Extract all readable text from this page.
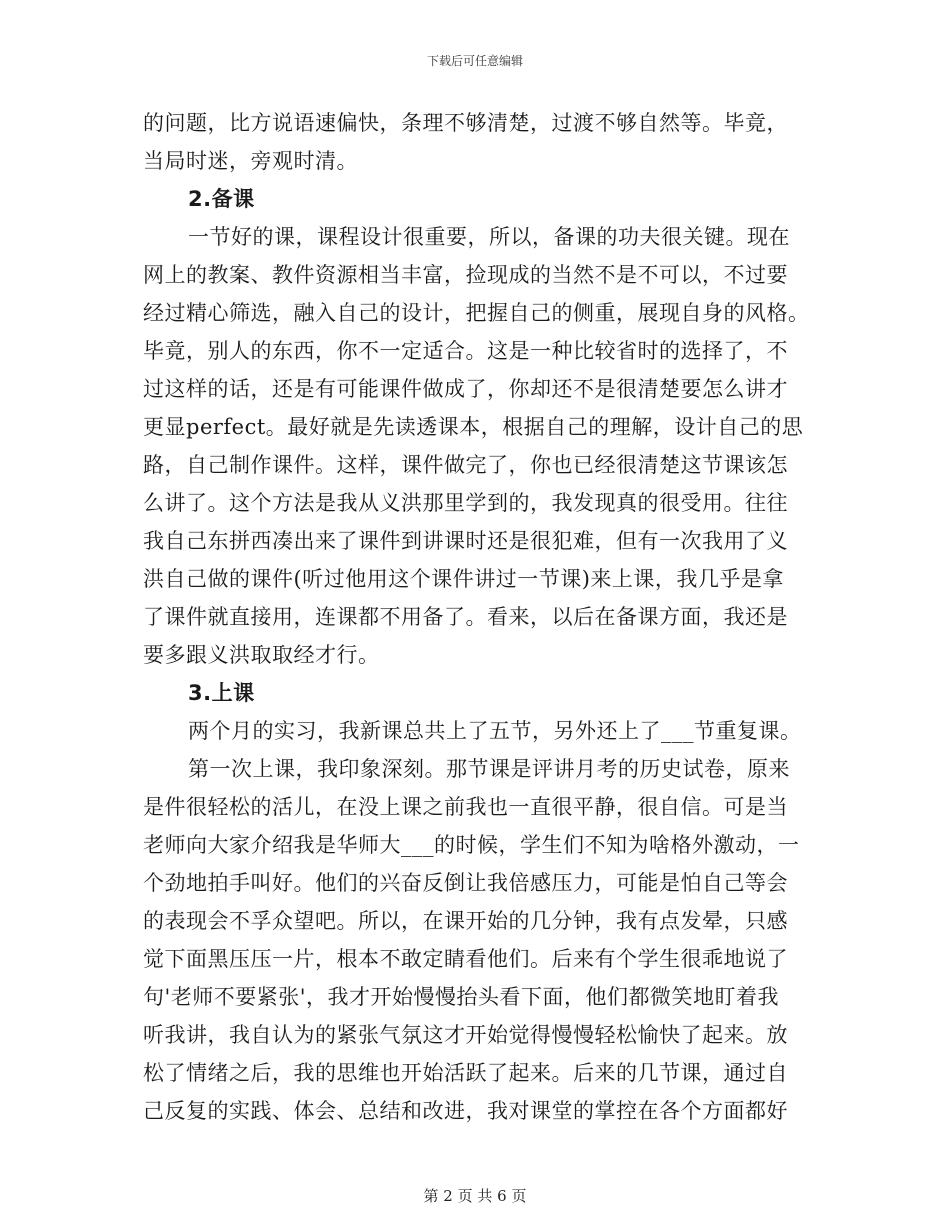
下载后可任意编辑
的问题，比方说语速偏快，条理不够清楚，过渡不够自然等。毕竟，
当局时迷，旁观时清。
2.备课
一节好的课，课程设计很重要，所以，备课的功夫很关键。现在
网上的教案、教件资源相当丰富，捡现成的当然不是不可以，不过要
经过精心筛选，融入自己的设计，把握自己的侧重，展现自身的风格。
毕竟，别人的东西，你不一定适合。这是一种比较省时的选择了，不
过这样的话，还是有可能课件做成了，你却还不是很清楚要怎么讲才
更显perfect。最好就是先读透课本，根据自己的理解，设计自己的思
路，自己制作课件。这样，课件做完了，你也已经很清楚这节课该怎
么讲了。这个方法是我从义洪那里学到的，我发现真的很受用。往往
我自己东拼西凑出来了课件到讲课时还是很犯难，但有一次我用了义
洪自己做的课件(听过他用这个课件讲过一节课)来上课，我几乎是拿
了课件就直接用，连课都不用备了。看来，以后在备课方面，我还是
要多跟义洪取取经才行。
3.上课
两个月的实习，我新课总共上了五节，另外还上了___节重复课。
第一次上课，我印象深刻。那节课是评讲月考的历史试卷，原来
是件很轻松的活儿，在没上课之前我也一直很平静，很自信。可是当
老师向大家介绍我是华师大___的时候，学生们不知为啥格外激动，一
个劲地拍手叫好。他们的兴奋反倒让我倍感压力，可能是怕自己等会
的表现会不孚众望吧。所以，在课开始的几分钟，我有点发晕，只感
觉下面黑压压一片，根本不敢定睛看他们。后来有个学生很乖地说了
句'老师不要紧张'，我才开始慢慢抬头看下面，他们都微笑地盯着我
听我讲，我自认为的紧张气氛这才开始觉得慢慢轻松愉快了起来。放
松了情绪之后，我的思维也开始活跃了起来。后来的几节课，通过自
己反复的实践、体会、总结和改进，我对课堂的掌控在各个方面都好
第 2 页 共 6 页
